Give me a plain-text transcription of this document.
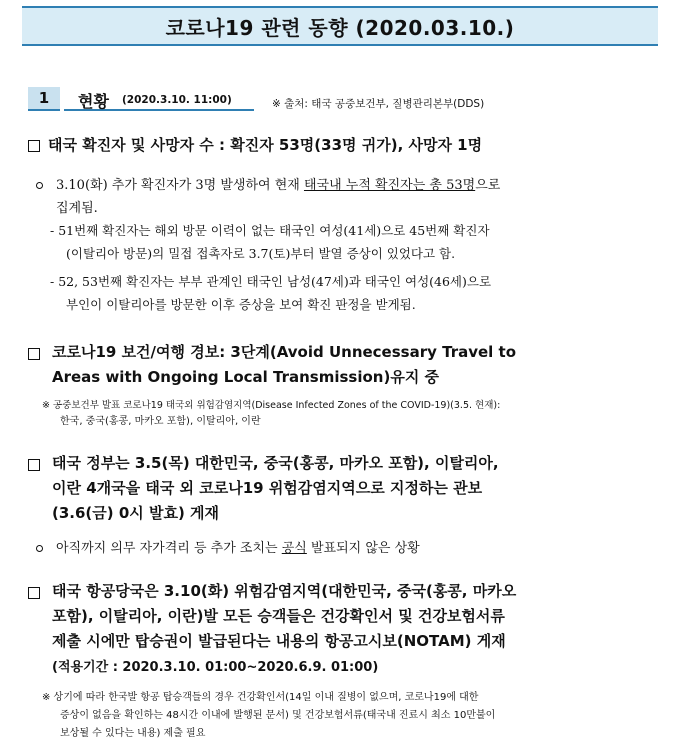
코로나19 관련 동향 (2020.03.10.)
1	현황 (2020.3.10. 11:00)	※ 출처: 태국 공중보건부, 질병관리본부(DDS)
태국 확진자 및 사망자 수 : 확진자 53명(33명 귀가), 사망자 1명
3.10(화) 추가 확진자가 3명 발생하여 현재 태국내 누적 확진자는 총 53명으로
집계됨.
- 51번째 확진자는 해외 방문 이력이 없는 태국인 여성(41세)으로 45번째 확진자
(이탈리아 방문)의 밀접 접촉자로 3.7(토)부터 발열 증상이 있었다고 함.
- 52, 53번째 확진자는 부부 관계인 태국인 남성(47세)과 태국인 여성(46세)으로
부인이 이탈리아를 방문한 이후 증상을 보여 확진 판정을 받게됨.
코로나19 보건/여행 경보: 3단계(Avoid Unnecessary Travel to
Areas with Ongoing Local Transmission)유지 중
※ 공중보건부 발표 코로나19 태국외 위험감염지역(Disease Infected Zones of the COVID-19)(3.5. 현재):
한국, 중국(홍콩, 마카오 포함), 이탈리아, 이란
태국 정부는 3.5(목) 대한민국, 중국(홍콩, 마카오 포함), 이탈리아,
이란 4개국을 태국 외 코로나19 위험감염지역으로 지정하는 관보
(3.6(금) 0시 발효) 게재
아직까지 의무 자가격리 등 추가 조치는 공식 발표되지 않은 상황
태국 항공당국은 3.10(화) 위험감염지역(대한민국, 중국(홍콩, 마카오
포함), 이탈리아, 이란)발 모든 승객들은 건강확인서 및 건강보험서류
제출 시에만 탑승권이 발급된다는 내용의 항공고시보(NOTAM) 게재
(적용기간 : 2020.3.10. 01:00~2020.6.9. 01:00)
※ 상기에 따라 한국발 항공 탑승객들의 경우 건강확인서(14일 이내 질병이 없으며, 코로나19에 대한
증상이 없음을 확인하는 48시간 이내에 발행된 문서) 및 건강보험서류(태국내 진료시 최소 10만불이
보상될 수 있다는 내용) 제출 필요
